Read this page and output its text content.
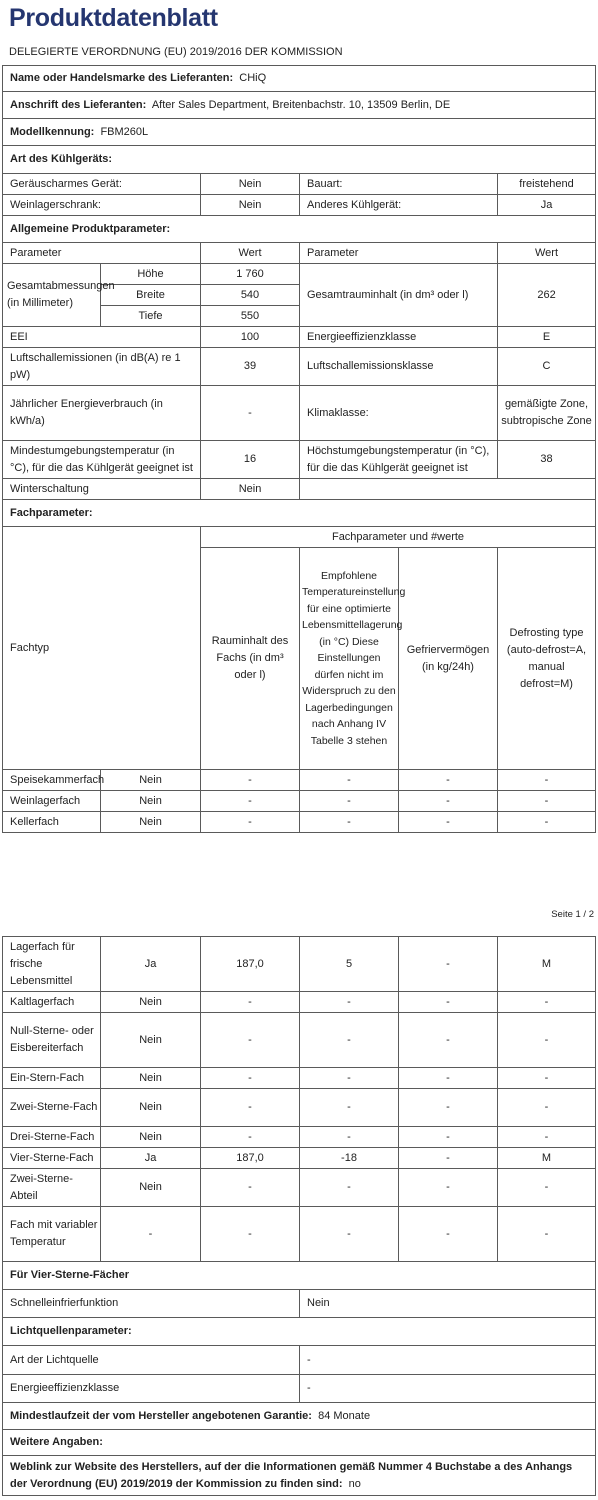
Produktdatenblatt
DELEGIERTE VERORDNUNG (EU) 2019/2016 DER KOMMISSION
Name oder Handelsmarke des Lieferanten: CHiQ					
Anschrift des Lieferanten: After Sales Department, Breitenbachstr. 10, 13509 Berlin, DE					
Modellkennung: FBM260L					
Art des Kühlgeräts:					
Geräuscharmes Gerät:		Nein	Bauart:		freistehend
Weinlagerschrank:		Nein	Anderes Kühlgerät:		Ja
Allgemeine Produktparameter:					
Parameter		Wert	Parameter		Wert
Gesamtabmessungen (in Millimeter)	Höhe	1 760	Gesamtrauminhalt (in dm³ oder l)		262
	Breite	540			
	Tiefe	550			
EEI		100	Energieeffizienzklasse		E
Luftschallemissionen (in dB(A) re 1 pW)		39	Luftschallemissionsklasse		C
Jährlicher Energieverbrauch (in kWh/a)		-	Klimaklasse:		gemäßigte Zone, subtropische Zone
Mindestumgebungstemperatur (in °C), für die das Kühlgerät geeignet ist		16	Höchstumgebungstemperatur (in °C), für die das Kühlgerät geeignet ist		38
Winterschaltung		Nein			
Fachparameter:					
Fachtyp		Fachparameter und #werte			
		Rauminhalt des Fachs (in dm³ oder l)	Empfohlene Temperatureinstellung für eine optimierte Lebensmittellagerung (in °C) Diese Einstellungen dürfen nicht im Widerspruch zu den Lagerbedingungen nach Anhang IV Tabelle 3 stehen	Gefriervermögen (in kg/24h)	Defrosting type (auto-defrost=A, manual defrost=M)
Speisekammerfach	Nein	-	-	-	-
Weinlagerfach	Nein	-	-	-	-
Kellerfach	Nein	-	-	-	-
Seite 1 / 2
Lagerfach für frische Lebensmittel	Ja	187,0	5	-	M
Kaltlagerfach	Nein	-	-	-	-
Null-Sterne- oder Eisbereiterfach	Nein	-	-	-	-
Ein-Stern-Fach	Nein	-	-	-	-
Zwei-Sterne-Fach	Nein	-	-	-	-
Drei-Sterne-Fach	Nein	-	-	-	-
Vier-Sterne-Fach	Ja	187,0	-18	-	M
Zwei-Sterne-Abteil	Nein	-	-	-	-
Fach mit variabler Temperatur	-	-	-	-	-
Für Vier-Sterne-Fächer					
Schnelleinfrierfunktion			Nein		
Lichtquellenparameter:					
Art der Lichtquelle			-		
Energieeffizienzklasse			-		
Mindestlaufzeit der vom Hersteller angebotenen Garantie: 84 Monate					
Weitere Angaben:					
Weblink zur Website des Herstellers, auf der die Informationen gemäß Nummer 4 Buchstabe a des Anhangs der Verordnung (EU) 2019/2019 der Kommission zu finden sind: no					
